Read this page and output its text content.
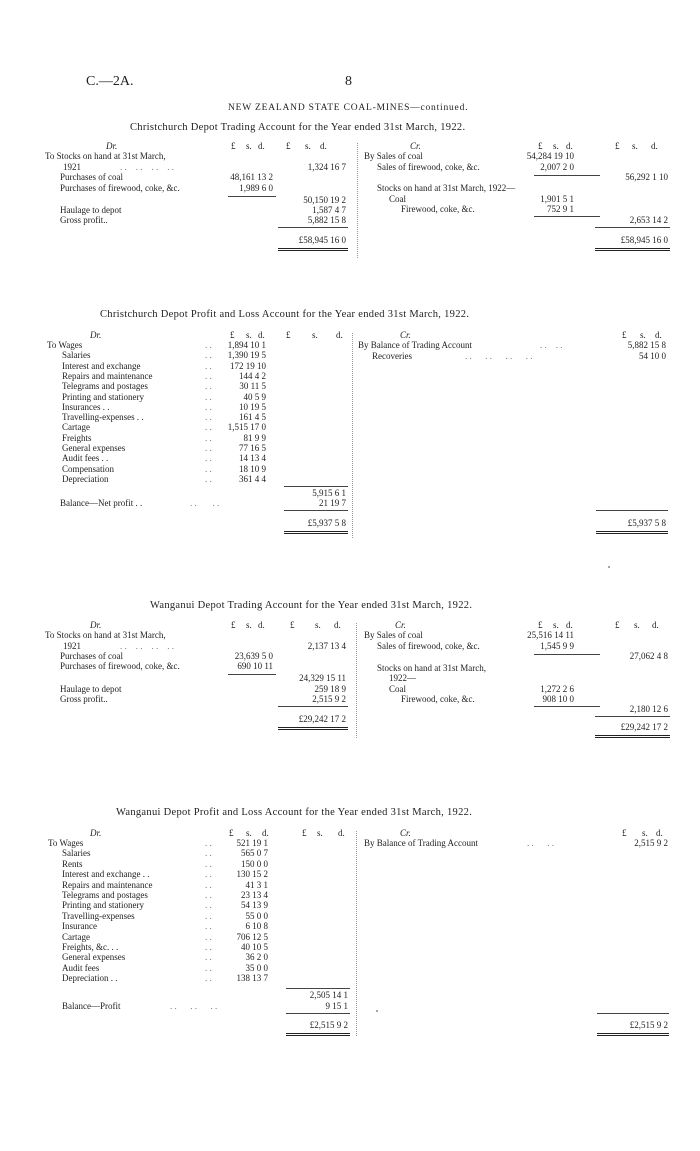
C.—2A.	8
NEW ZEALAND STATE COAL-MINES—continued.
Christchurch Depot Trading Account for the Year ended 31st March, 1922.
Dr.	£ s. d. £ s. d.	Cr.	£ s. d.	£ s. d.
To Stocks on hand at 31st March,
1921	. .    . .    . .    . .	1,324 16 7
Purchases of coal	48,161 13 2
Purchases of firewood, coke, &c.	1,989 6 0
50,150 19 2
Haulage to depot	1,587 4 7
Gross profit..	5,882 15 8
£58,945 16 0
By Sales of coal	54,284 19 10
Sales of firewood, coke, &c.	2,007 2 0
56,292 1 10
Stocks on hand at 31st March, 1922—
Coal	1,901 5 1
Firewood, coke, &c.	752 9 1
2,653 14 2
£58,945 16 0
Christchurch Depot Profit and Loss Account for the Year ended 31st March, 1922.
Dr.	£ s. d. £ s. d.	Cr.	£ s. d.
To Wages	. .	1,894 10 1
Salaries	. .	1,390 19 5
Interest and exchange	. .	172 19 10
Repairs and maintenance	. .	144 4 2
Telegrams and postages	. .	30 11 5
Printing and stationery	. .	40 5 9
Insurances . .	. .	10 19 5
Travelling-expenses . .	. .	161 4 5
Cartage	. .	1,515 17 0
Freights	. .	81 9 9
General expenses	. .	77 16 5
Audit fees . .	. .	14 13 4
Compensation	. .	18 10 9
Depreciation	. .	361 4 4
5,915 6 1
Balance—Net profit . .	. .       . .	21 19 7
£5,937 5 8
By Balance of Trading Account	. .    . .	5,882 15 8
Recoveries	. .      . .      . .      . .	54 10 0
£5,937 5 8
Wanganui Depot Trading Account for the Year ended 31st March, 1922.
Dr.	£ s. d.	£ s. d.	Cr.	£ s. d.	£ s. d.
To Stocks on hand at 31st March,
1921	. .    . .    . .    . .	2,137 13 4
Purchases of coal	23,639 5 0
Purchases of firewood, coke, &c.	690 10 11
24,329 15 11
Haulage to depot	259 18 9
Gross profit..	2,515 9 2
£29,242 17 2
By Sales of coal	25,516 14 11
Sales of firewood, coke, &c.	1,545 9 9
27,062 4 8
Stocks on hand at 31st March,
1922—
Coal	1,272 2 6
Firewood, coke, &c.	908 10 0
2,180 12 6
£29,242 17 2
Wanganui Depot Profit and Loss Account for the Year ended 31st March, 1922.
Dr.	£ s. d.	£ s. d.	Cr.	£ s. d.
To Wages	. .	521 19 1
Salaries	. .	565 0 7
Rents	. .	150 0 0
Interest and exchange . .	. .	130 15 2
Repairs and maintenance	. .	41 3 1
Telegrams and postages	. .	23 13 4
Printing and stationery	. .	54 13 9
Travelling-expenses	. .	55 0 0
Insurance	. .	6 10 8
Cartage	. .	706 12 5
Freights, &c. . .	. .	40 10 5
General expenses	. .	36 2 0
Audit fees	. .	35 0 0
Depreciation . .	. .	138 13 7
2,505 14 1
Balance—Profit	. .      . .      . .	9 15 1
£2,515 9 2
By Balance of Trading Account	. .      . .	2,515 9 2
£2,515 9 2
